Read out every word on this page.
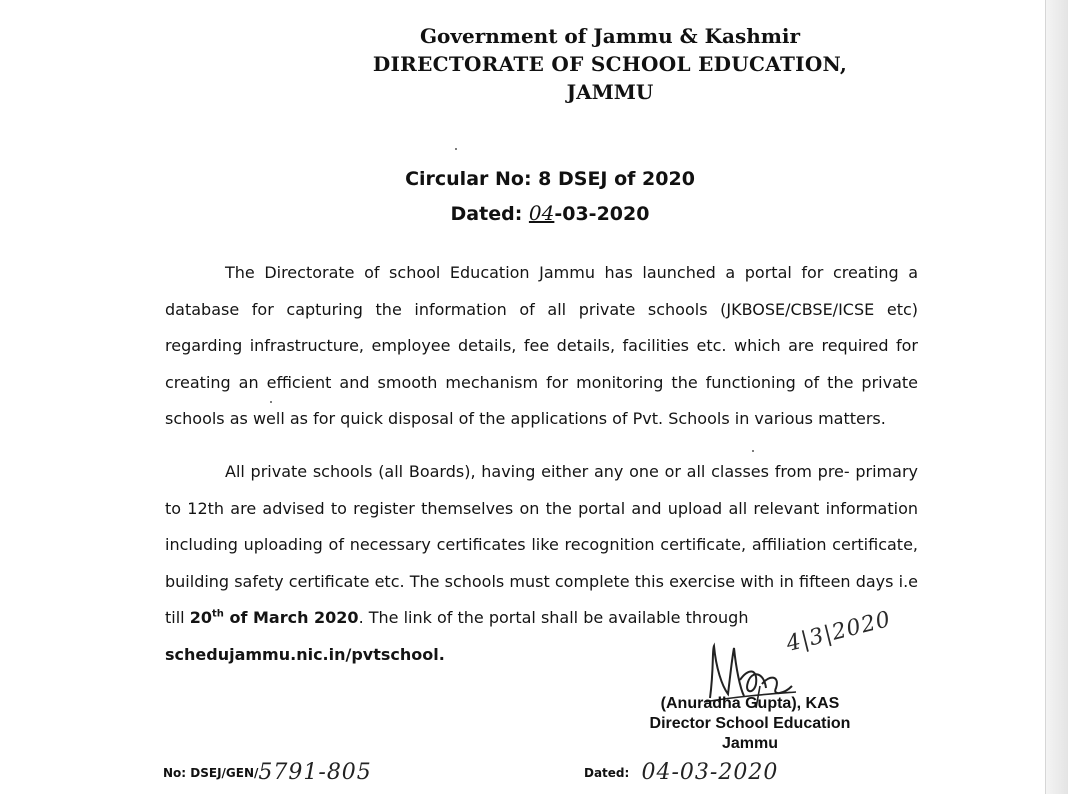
Government of Jammu & Kashmir
DIRECTORATE OF SCHOOL EDUCATION,
JAMMU
Circular No: 8 DSEJ of 2020
Dated: 04-03-2020
The Directorate of school Education Jammu has launched a portal for creating a database for capturing the information of all private schools (JKBOSE/CBSE/ICSE etc) regarding infrastructure, employee details, fee details, facilities etc. which are required for creating an efficient and smooth mechanism for monitoring the functioning of the private schools as well as for quick disposal of the applications of Pvt. Schools in various matters.
All private schools (all Boards), having either any one or all classes from pre- primary to 12th are advised to register themselves on the portal and upload all relevant information including uploading of necessary certificates like recognition certificate, affiliation certificate, building safety certificate etc. The schools must complete this exercise with in fifteen days i.e till 20th of March 2020. The link of the portal shall be available through
schedujammu.nic.in/pvtschool.	4|3|2020
(Anuradha Gupta), KAS
Director School Education
Jammu
No: DSEJ/GEN/5791-805	Dated: 04-03-2020
